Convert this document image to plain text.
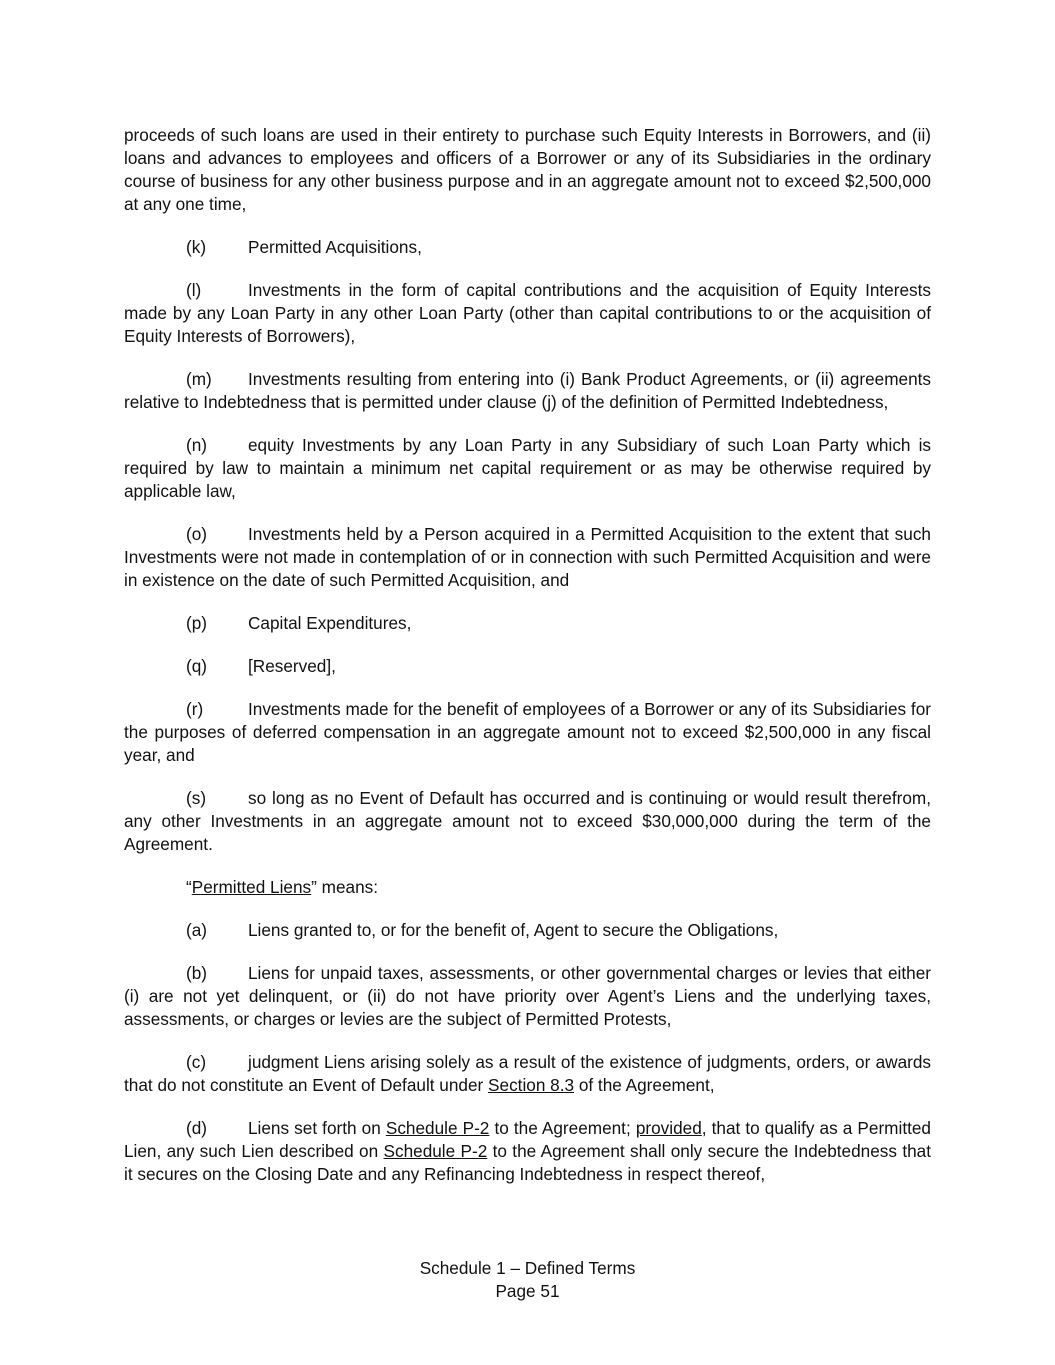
proceeds of such loans are used in their entirety to purchase such Equity Interests in Borrowers, and (ii) loans and advances to employees and officers of a Borrower or any of its Subsidiaries in the ordinary course of business for any other business purpose and in an aggregate amount not to exceed $2,500,000 at any one time,

(k) Permitted Acquisitions,

(l)	Investments in the form of capital contributions and the acquisition of Equity Interests made by any Loan Party in any other Loan Party (other than capital contributions to or the acquisition of Equity Interests of Borrowers),

(m) Investments resulting from entering into (i) Bank Product Agreements, or (ii) agreements relative to Indebtedness that is permitted under clause (j) of the definition of Permitted Indebtedness,

(n) equity Investments by any Loan Party in any Subsidiary of such Loan Party which is required by law to maintain a minimum net capital requirement or as may be otherwise required by applicable law,

(o) Investments held by a Person acquired in a Permitted Acquisition to the extent that such Investments were not made in contemplation of or in connection with such Permitted Acquisition and were in existence on the date of such Permitted Acquisition, and

(p) Capital Expenditures,

(q) [Reserved],

(r)	Investments made for the benefit of employees of a Borrower or any of its Subsidiaries for the purposes of deferred compensation in an aggregate amount not to exceed $2,500,000 in any fiscal year, and

(s) so long as no Event of Default has occurred and is continuing or would result therefrom, any other Investments in an aggregate amount not to exceed $30,000,000 during the term of the Agreement.

“Permitted Liens” means:

(a) Liens granted to, or for the benefit of, Agent to secure the Obligations,

(b) Liens for unpaid taxes, assessments, or other governmental charges or levies that either (i) are not yet delinquent, or (ii) do not have priority over Agent’s Liens and the underlying taxes, assessments, or charges or levies are the subject of Permitted Protests,

(c) judgment Liens arising solely as a result of the existence of judgments, orders, or awards that do not constitute an Event of Default under Section 8.3 of the Agreement,

(d) Liens set forth on Schedule P-2 to the Agreement; provided, that to qualify as a Permitted Lien, any such Lien described on Schedule P-2 to the Agreement shall only secure the Indebtedness that it secures on the Closing Date and any Refinancing Indebtedness in respect thereof,

Schedule 1 – Defined Terms
Page 51
